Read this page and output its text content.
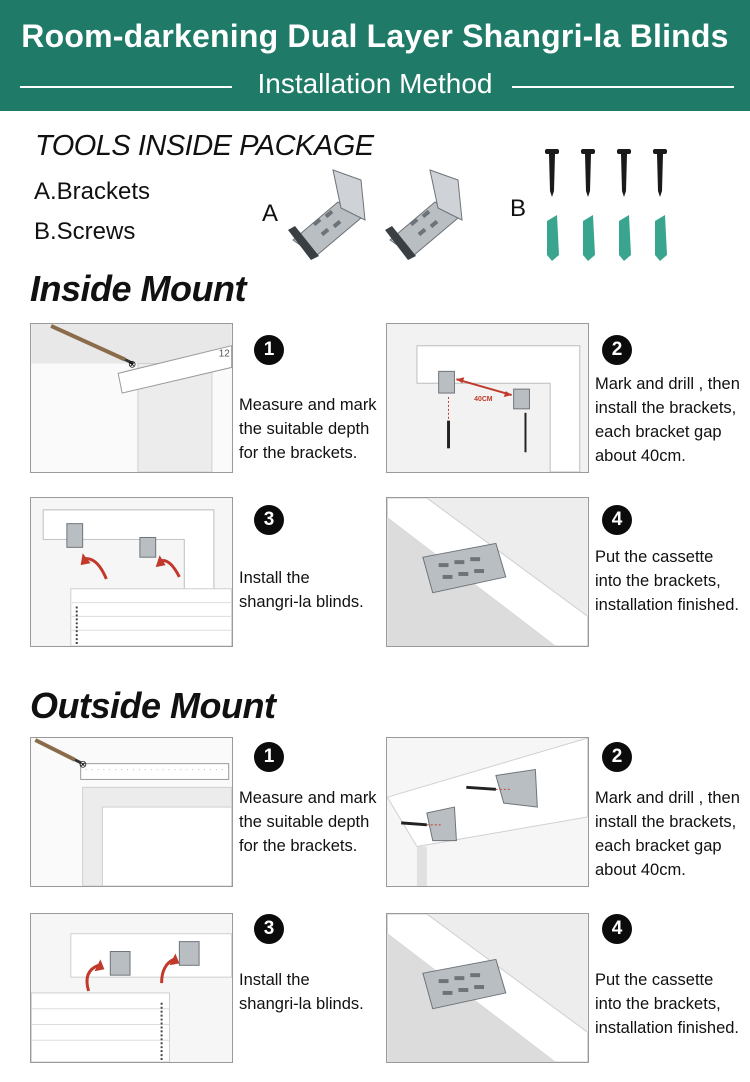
Room-darkening Dual Layer Shangri-la Blinds
Installation Method
TOOLS INSIDE PACKAGE
A.Brackets
B.Screws
A	B
Inside Mount
⊗
12	1
Measure and mark
the suitable depth
for the brackets.
40CM
2
Mark and drill , then
install the brackets,
each bracket gap
about 40cm.
3
Install the
shangri-la blinds.
4
Put the cassette
into the brackets,
installation finished.
Outside Mount
⊗	1
Measure and mark
the suitable depth
for the brackets.
2
Mark and drill , then
install the brackets,
each bracket gap
about 40cm.
3
Install the
shangri-la blinds.
4
Put the cassette
into the brackets,
installation finished.
